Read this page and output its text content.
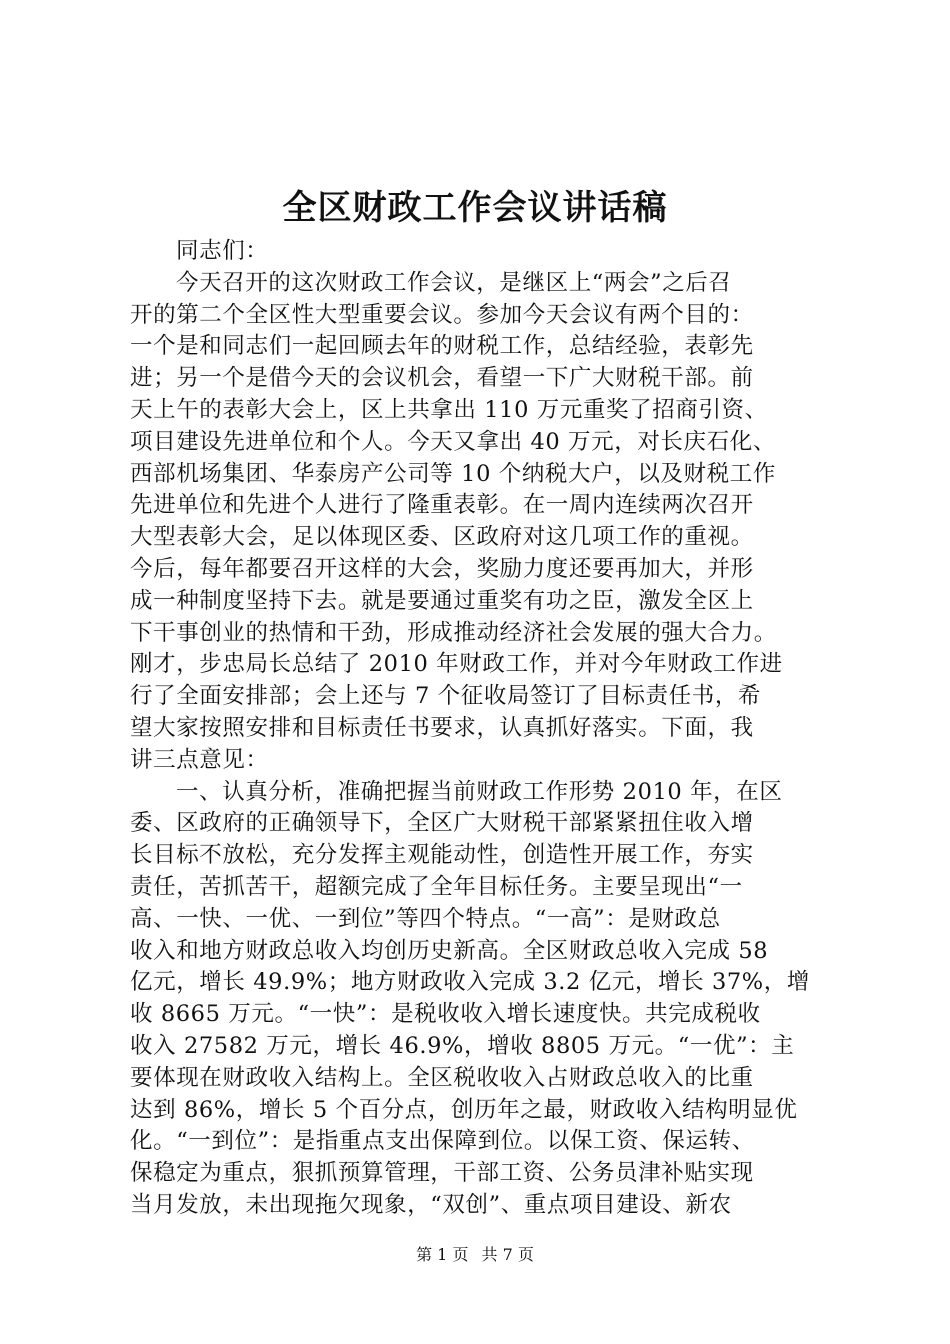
全区财政工作会议讲话稿
同志们：
今天召开的这次财政工作会议，是继区上“两会”之后召
开的第二个全区性大型重要会议。参加今天会议有两个目的：
一个是和同志们一起回顾去年的财税工作，总结经验，表彰先
进；另一个是借今天的会议机会，看望一下广大财税干部。前
天上午的表彰大会上，区上共拿出 110 万元重奖了招商引资、
项目建设先进单位和个人。今天又拿出 40 万元，对长庆石化、
西部机场集团、华泰房产公司等 10 个纳税大户，以及财税工作
先进单位和先进个人进行了隆重表彰。在一周内连续两次召开
大型表彰大会，足以体现区委、区政府对这几项工作的重视。
今后，每年都要召开这样的大会，奖励力度还要再加大，并形
成一种制度坚持下去。就是要通过重奖有功之臣，激发全区上
下干事创业的热情和干劲，形成推动经济社会发展的强大合力。
刚才，步忠局长总结了 2010 年财政工作，并对今年财政工作进
行了全面安排部；会上还与 7 个征收局签订了目标责任书，希
望大家按照安排和目标责任书要求，认真抓好落实。下面，我
讲三点意见：
一、认真分析，准确把握当前财政工作形势 2010 年，在区
委、区政府的正确领导下，全区广大财税干部紧紧扭住收入增
长目标不放松，充分发挥主观能动性，创造性开展工作，夯实
责任，苦抓苦干，超额完成了全年目标任务。主要呈现出“一
高、一快、一优、一到位”等四个特点。“一高”：是财政总
收入和地方财政总收入均创历史新高。全区财政总收入完成 58
亿元，增长 49.9%；地方财政收入完成 3.2 亿元，增长 37%，增
收 8665 万元。“一快”：是税收收入增长速度快。共完成税收
收入 27582 万元，增长 46.9%，增收 8805 万元。“一优”：主
要体现在财政收入结构上。全区税收收入占财政总收入的比重
达到 86%，增长 5 个百分点，创历年之最，财政收入结构明显优
化。“一到位”：是指重点支出保障到位。以保工资、保运转、
保稳定为重点，狠抓预算管理，干部工资、公务员津补贴实现
当月发放，未出现拖欠现象，“双创”、重点项目建设、新农
第 1 页 共 7 页
